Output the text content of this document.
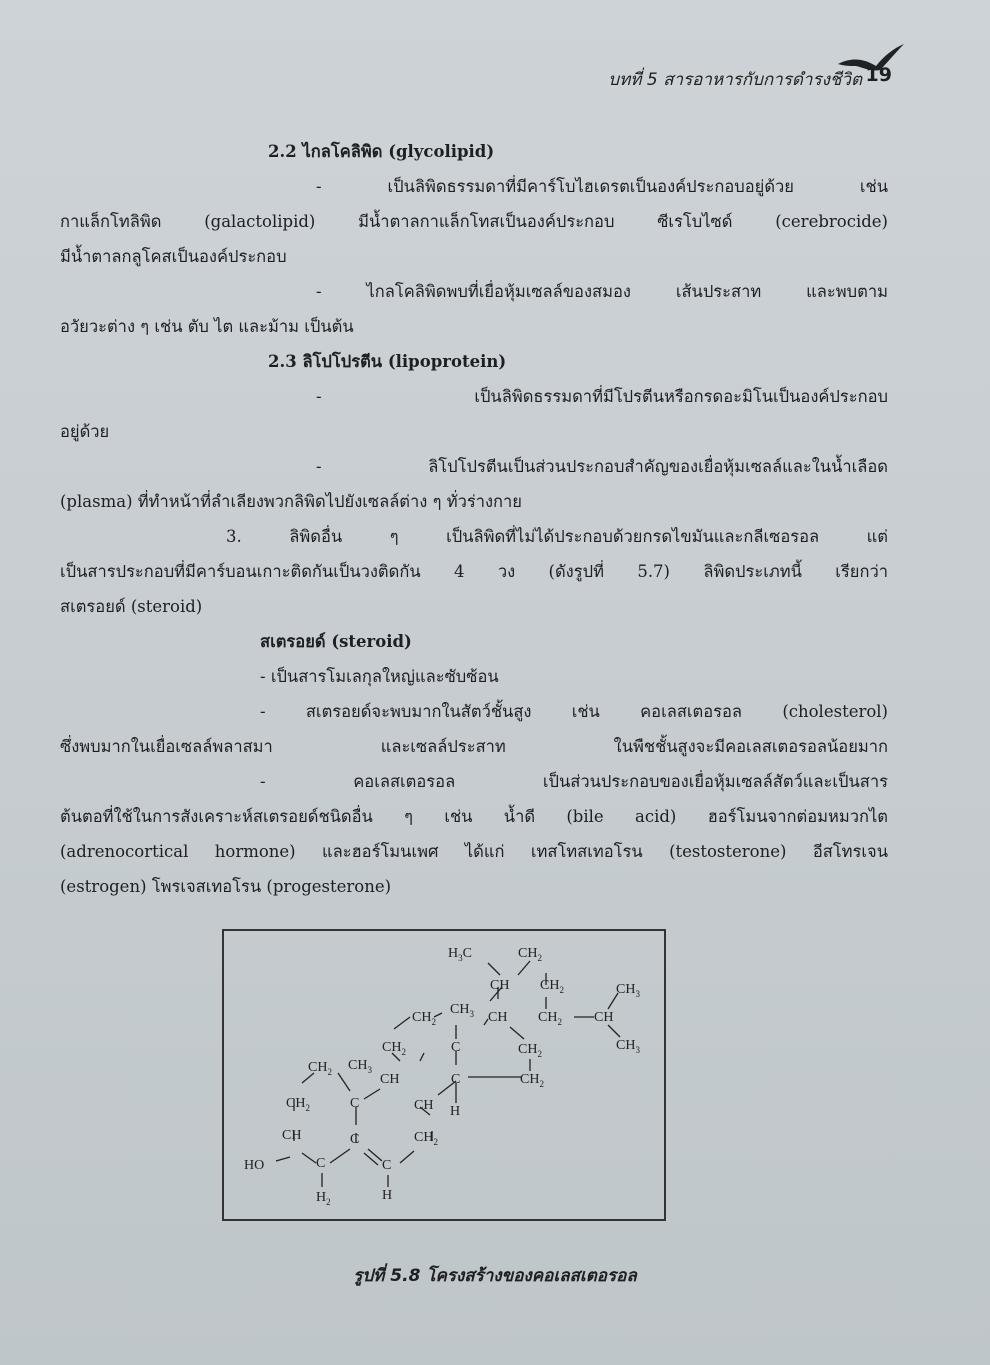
บทที่ 5 สารอาหารกับการดำรงชีวิต 19
2.2 ไกลโคลิพิด (glycolipid)
- เป็นลิพิดธรรมดาที่มีคาร์โบไฮเดรตเป็นองค์ประกอบอยู่ด้วย เช่น
กาแล็กโทลิพิด (galactolipid) มีน้ำตาลกาแล็กโทสเป็นองค์ประกอบ ซีเรโบไซด์ (cerebrocide)
มีน้ำตาลกลูโคสเป็นองค์ประกอบ
- ไกลโคลิพิดพบที่เยื่อหุ้มเซลล์ของสมอง เส้นประสาท และพบตาม
อวัยวะต่าง ๆ เช่น ตับ ไต และม้าม เป็นต้น
2.3 ลิโปโปรตีน (lipoprotein)
- เป็นลิพิดธรรมดาที่มีโปรตีนหรือกรดอะมิโนเป็นองค์ประกอบ
อยู่ด้วย
- ลิโปโปรตีนเป็นส่วนประกอบสำคัญของเยื่อหุ้มเซลล์และในน้ำเลือด
(plasma) ที่ทำหน้าที่ลำเลียงพวกลิพิดไปยังเซลล์ต่าง ๆ ทั่วร่างกาย
3. ลิพิดอื่น ๆ เป็นลิพิดที่ไม่ได้ประกอบด้วยกรดไขมันและกลีเซอรอล แต่
เป็นสารประกอบที่มีคาร์บอนเกาะติดกันเป็นวงติดกัน 4 วง (ดังรูปที่ 5.7) ลิพิดประเภทนี้ เรียกว่า
สเตรอยด์ (steroid)
สเตรอยด์ (steroid)
- เป็นสารโมเลกุลใหญ่และซับซ้อน
- สเตรอยด์จะพบมากในสัตว์ชั้นสูง เช่น คอเลสเตอรอล (cholesterol)
ซึ่งพบมากในเยื่อเซลล์พลาสมา และเซลล์ประสาท ในพืชชั้นสูงจะมีคอเลสเตอรอลน้อยมาก
- คอเลสเตอรอล เป็นส่วนประกอบของเยื่อหุ้มเซลล์สัตว์และเป็นสาร
ต้นตอที่ใช้ในการสังเคราะห์สเตรอยด์ชนิดอื่น ๆ เช่น น้ำดี (bile acid) ฮอร์โมนจากต่อมหมวกไต
(adrenocortical hormone) และฮอร์โมนเพศ ได้แก่ เทสโทสเทอโรน (testosterone) อีสโทรเจน
(estrogen) โพรเจสเทอโรน (progesterone)
$H_3C$	$CH_2$
CH $CH_2$	$CH_3$
$CH_3$
$CH_2$	CH $CH_2$ CH
$CH_3$
$CH_2$	C	$CH_2$
$CH_2$ $CH_3$
CH	C	$CH_2$
$CH_2$	C	CH H
CH	C	$CH_2$
HO	C	C
$H_2$	H
รูปที่ 5.8 โครงสร้างของคอเลสเตอรอล
